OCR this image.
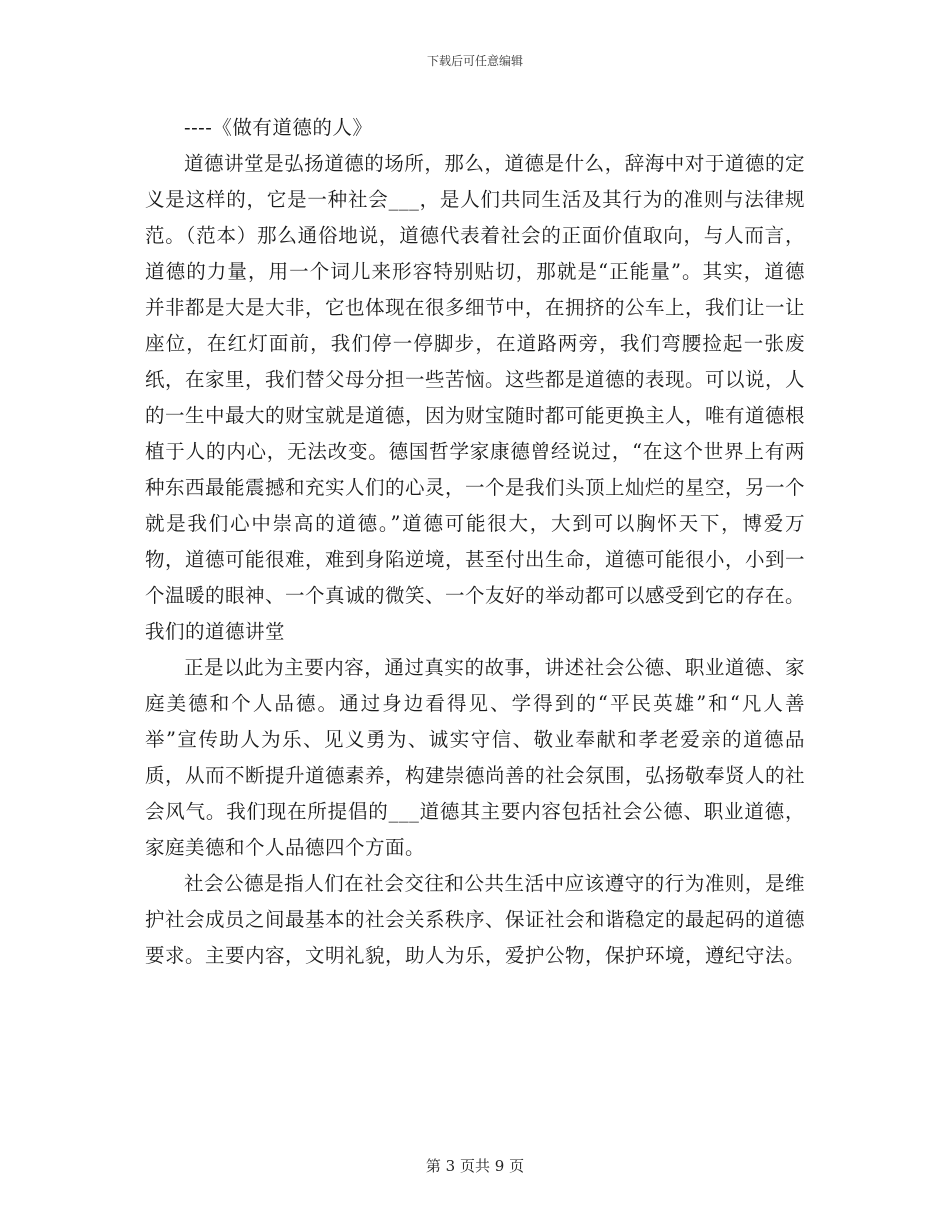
下载后可任意编辑

----《做有道德的人》

道德讲堂是弘扬道德的场所，那么，道德是什么，辞海中对于道德的定义是这样的，它是一种社会___，是人们共同生活及其行为的准则与法律规范。（范本）那么通俗地说，道德代表着社会的正面价值取向，与人而言，道德的力量，用一个词儿来形容特别贴切，那就是“正能量”。其实，道德并非都是大是大非，它也体现在很多细节中，在拥挤的公车上，我们让一让座位，在红灯面前，我们停一停脚步，在道路两旁，我们弯腰捡起一张废纸，在家里，我们替父母分担一些苦恼。这些都是道德的表现。可以说，人的一生中最大的财宝就是道德，因为财宝随时都可能更换主人，唯有道德根植于人的内心，无法改变。德国哲学家康德曾经说过，“在这个世界上有两种东西最能震撼和充实人们的心灵，一个是我们头顶上灿烂的星空，另一个就是我们心中崇高的道德。”道德可能很大，大到可以胸怀天下，博爱万物，道德可能很难，难到身陷逆境，甚至付出生命，道德可能很小，小到一个温暖的眼神、一个真诚的微笑、一个友好的举动都可以感受到它的存在。我们的道德讲堂

正是以此为主要内容，通过真实的故事，讲述社会公德、职业道德、家庭美德和个人品德。通过身边看得见、学得到的“平民英雄”和“凡人善举”宣传助人为乐、见义勇为、诚实守信、敬业奉献和孝老爱亲的道德品质，从而不断提升道德素养，构建崇德尚善的社会氛围，弘扬敬奉贤人的社会风气。我们现在所提倡的___道德其主要内容包括社会公德、职业道德，家庭美德和个人品德四个方面。

社会公德是指人们在社会交往和公共生活中应该遵守的行为准则，是维护社会成员之间最基本的社会关系秩序、保证社会和谐稳定的最起码的道德要求。主要内容，文明礼貌，助人为乐，爱护公物，保护环境，遵纪守法。

第 3 页共 9 页
